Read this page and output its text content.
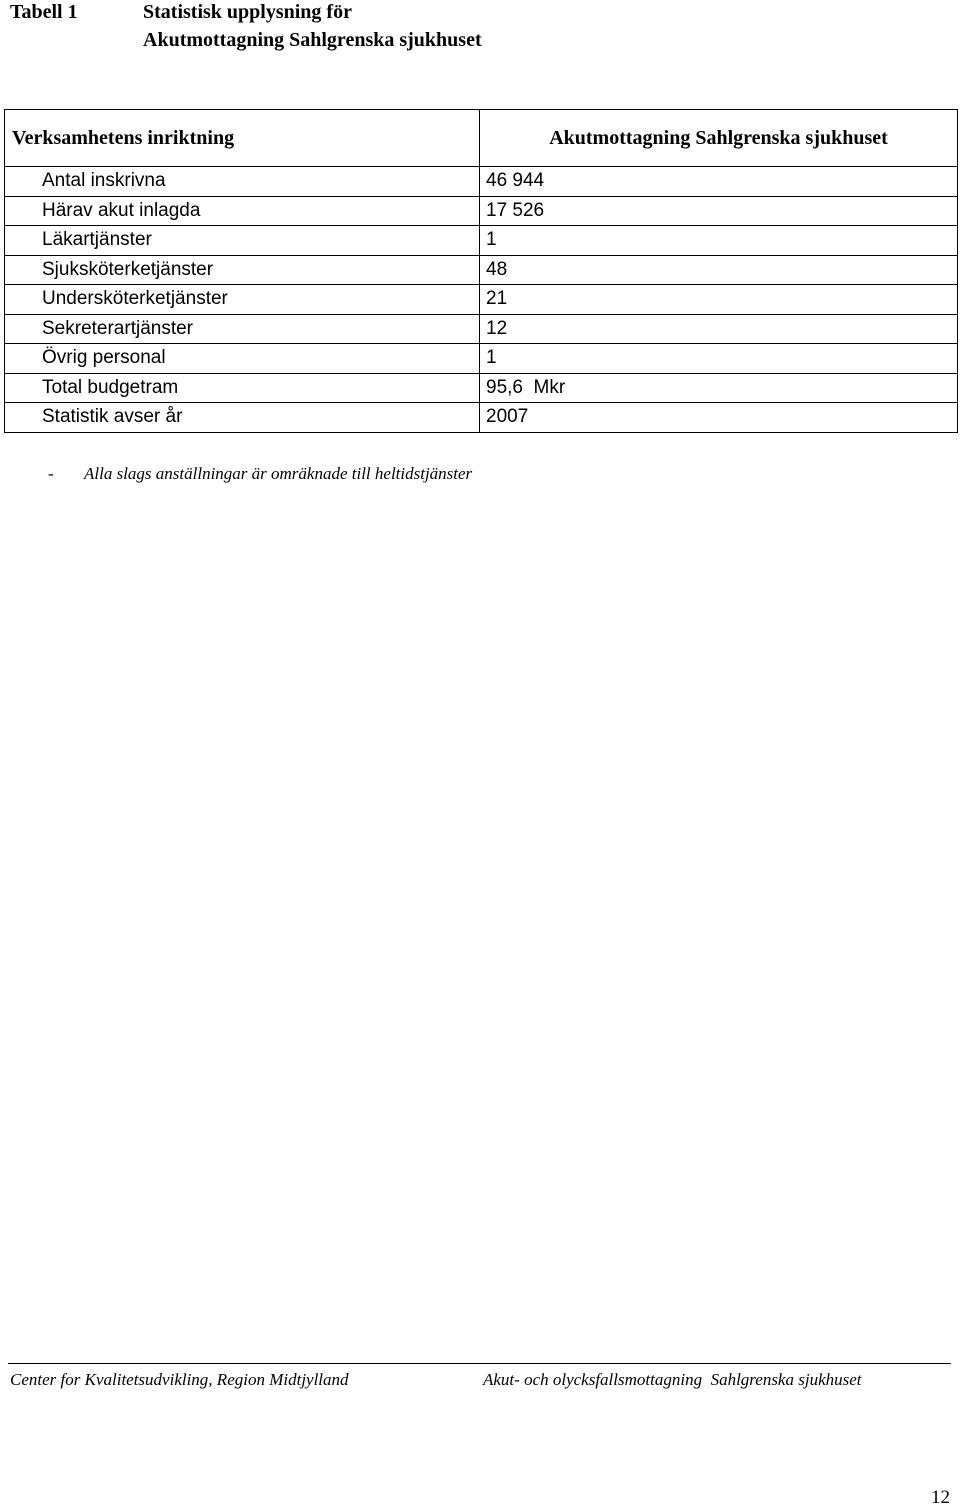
Tabell 1	Statistisk upplysning för
Akutmottagning Sahlgrenska sjukhuset
Verksamhetens inriktning	Akutmottagning Sahlgrenska sjukhuset
Antal inskrivna	46 944
Härav akut inlagda	17 526
Läkartjänster	1
Sjuksköterketjänster	48
Undersköterketjänster	21
Sekreterartjänster	12
Övrig personal	1
Total budgetram	95,6  Mkr
Statistik avser år	2007
- Alla slags anställningar är omräknade till heltidstjänster
Center for Kvalitetsudvikling, Region Midtjylland	Akut- och olycksfallsmottagning  Sahlgrenska sjukhuset
12
